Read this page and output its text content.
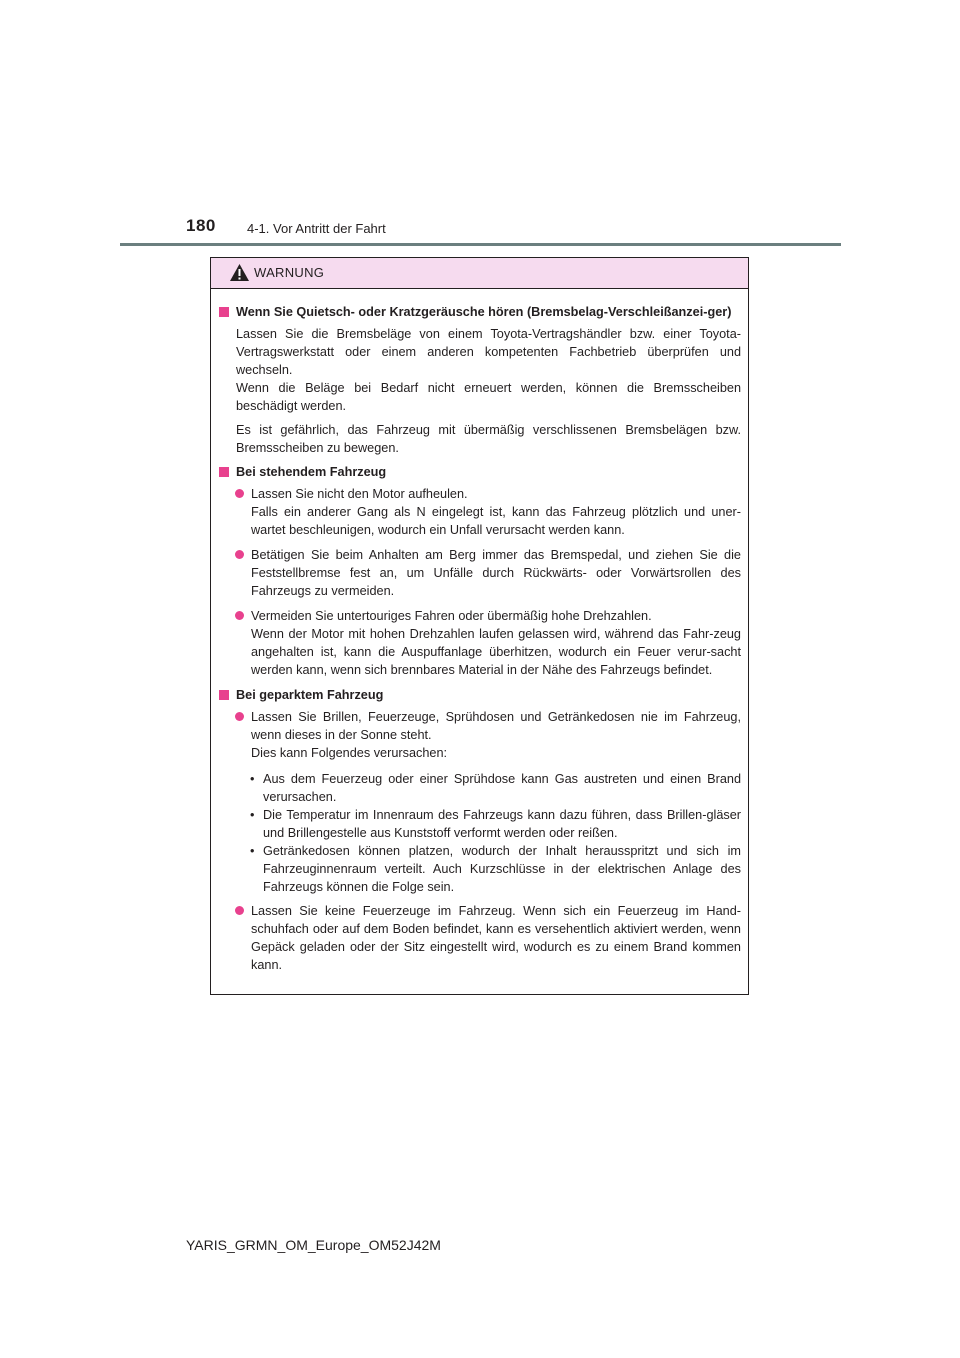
180 4-1. Vor Antritt der Fahrt
WARNUNG
Wenn Sie Quietsch- oder Kratzgeräusche hören (Bremsbelag-Verschleißanzei-ger)
Lassen Sie die Bremsbeläge von einem Toyota-Vertragshändler bzw. einer Toyota-Vertragswerkstatt oder einem anderen kompetenten Fachbetrieb überprüfen und wechseln.
Wenn die Beläge bei Bedarf nicht erneuert werden, können die Bremsscheiben beschädigt werden.
Es ist gefährlich, das Fahrzeug mit übermäßig verschlissenen Bremsbelägen bzw. Bremsscheiben zu bewegen.
Bei stehendem Fahrzeug
Lassen Sie nicht den Motor aufheulen.
Falls ein anderer Gang als N eingelegt ist, kann das Fahrzeug plötzlich und uner-wartet beschleunigen, wodurch ein Unfall verursacht werden kann.
Betätigen Sie beim Anhalten am Berg immer das Bremspedal, und ziehen Sie die Feststellbremse fest an, um Unfälle durch Rückwärts- oder Vorwärtsrollen des Fahrzeugs zu vermeiden.
Vermeiden Sie untertouriges Fahren oder übermäßig hohe Drehzahlen.
Wenn der Motor mit hohen Drehzahlen laufen gelassen wird, während das Fahr-zeug angehalten ist, kann die Auspuffanlage überhitzen, wodurch ein Feuer verur-sacht werden kann, wenn sich brennbares Material in der Nähe des Fahrzeugs befindet.
Bei geparktem Fahrzeug
Lassen Sie Brillen, Feuerzeuge, Sprühdosen und Getränkedosen nie im Fahrzeug, wenn dieses in der Sonne steht.
Dies kann Folgendes verursachen:
• Aus dem Feuerzeug oder einer Sprühdose kann Gas austreten und einen Brand verursachen.
• Die Temperatur im Innenraum des Fahrzeugs kann dazu führen, dass Brillen-gläser und Brillengestelle aus Kunststoff verformt werden oder reißen.
• Getränkedosen können platzen, wodurch der Inhalt herausspritzt und sich im Fahrzeuginnenraum verteilt. Auch Kurzschlüsse in der elektrischen Anlage des Fahrzeugs können die Folge sein.
Lassen Sie keine Feuerzeuge im Fahrzeug. Wenn sich ein Feuerzeug im Hand-schuhfach oder auf dem Boden befindet, kann es versehentlich aktiviert werden, wenn Gepäck geladen oder der Sitz eingestellt wird, wodurch es zu einem Brand kommen kann.
YARIS_GRMN_OM_Europe_OM52J42M
